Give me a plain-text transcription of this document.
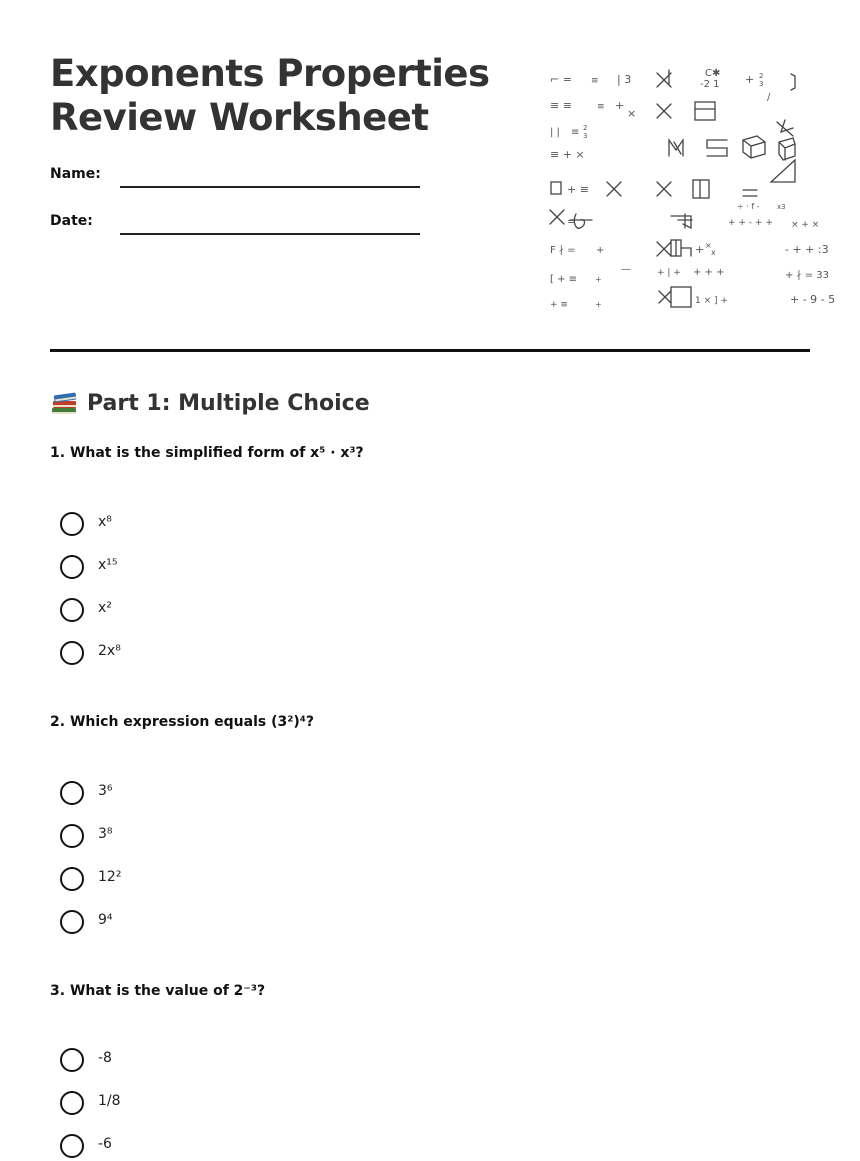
Exponents Properties
Review Worksheet
Name:
Date:
⌐ = ≡ | 3	C✱
-2 1 + 2
3
/
≡ ≡	≡ +
×
| | ≡ 2
3
≡ + ×
+ ≡
÷ · f - x3
=	+ + - + + × + ×
F ∤ = +	+ ×
x
[ + ≡ +
—	+ | + + + +
+ ≡	+	1 × ] +
- + + :3
+ ∤ = 33
+ - 9 - 5
Part 1: Multiple Choice

1. What is the simplified form of x⁵ · x³?

x⁸
x¹⁵
x²
2x⁸

2. Which expression equals (3²)⁴?

3⁶
3⁸
12²
9⁴

3. What is the value of 2⁻³?

-8
1/8
-6
